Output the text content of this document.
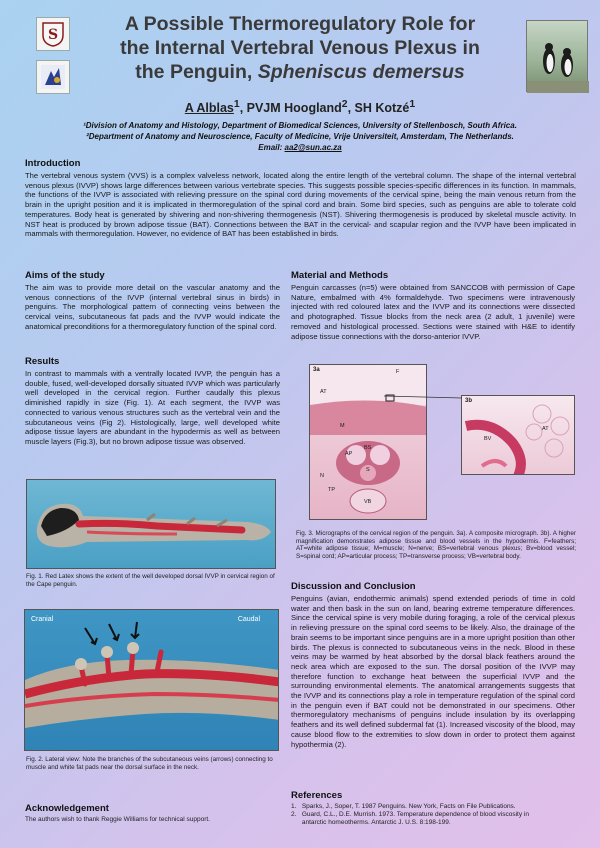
S	A Possible Thermoregulatory Role for
the Internal Vertebral Venous Plexus in
the Penguin, Spheniscus demersus
A Alblas$^1$, PVJM Hoogland$^2$, SH Kotzé$^1$
¹Division of Anatomy and Histology, Department of Biomedical Sciences, University of Stellenbosch, South Africa.
²Department of Anatomy and Neuroscience, Faculty of Medicine, Vrije Universiteit, Amsterdam, The Netherlands.
Email: aa2@sun.ac.za
Introduction

The vertebral venous system (VVS) is a complex valveless network, located along the entire length of the vertebral column. The shape of the internal vertebral venous plexus (IVVP) shows large differences between various vertebrate species. This suggests possible species-specific differences in its function. In mammals, the functions of the IVVP is associated with relieving pressure on the spinal cord during movements of the cervical spine, being the main venous return from the brain in the upright position and it is implicated in thermoregulation of the spinal cord and brain. Some bird species, such as penguins are able to tolerate cold temperatures. Body heat is generated by shivering and non-shivering thermogenesis (NST). Shivering thermogenesis is produced by skeletal muscle activity. In NST heat is produced by brown adipose tissue (BAT). Connections between the BAT in the cervical- and scapular region and the IVVP have been implicated in mammals with thermoregulation. However, no evidence of BAT has been established in birds.

Aims of the study

The aim was to provide more detail on the vascular anatomy and the venous connections of the IVVP (internal vertebral sinus in birds) in penguins. The morphological pattern of connecting veins between the cervical veins, subcutaneous fat pads and the IVVP would indicate the anatomical preconditions for a thermoregulatory function of the spinal cord.

Material and Methods

Penguin carcasses (n=5) were obtained from SANCCOB with permission of Cape Nature, embalmed with 4% formaldehyde. Two specimens were intravenously injected with red coloured latex and the IVVP and its connections were dissected and photographed. Tissue blocks from the neck area (2 adult, 1 juvenile) were removed and histological processed. Sections were stained with H&E to identify adipose tissue connections with the dorso-anterior IVVP.

Results

In contrast to mammals with a ventrally located IVVP, the penguin has a double, fused, well-developed dorsally situated IVVP which was particularly well developed in the cervical region. Further caudally this plexus diminished rapidly in size (Fig. 1). At each segment, the IVVP was connected to various venous structures such as the vertebral vein and the subcutaneous veins (Fig 2). Histologically, large, well developed white adipose tissue layers are abundant in the hypodermis as well as between muscle layers (Fig.3), but no brown adipose tissue was observed.

Fig. 1. Red Latex shows the extent of the well developed dorsal IVVP in cervical region of the Cape penguin.
Cranial	Caudal
Fig. 2. Lateral view: Note the branches of the subcutaneous veins (arrows) connecting to muscle and white fat pads near the dorsal surface in the neck.
3a
AT
F
M
AP
BS
N
S
TP
VB
3b
AT
BV
Fig. 3. Micrographs of the cervical region of the penguin. 3a). A composite micrograph. 3b). A higher magnification demonstrates adipose tissue and blood vessels in the hypodermis. F=feathers; AT=white adipose tissue; M=muscle; N=nerve; BS=vertebral venous plexus; Bv=blood vessel; S=spinal cord; AP=articular process; TP=transverse process; VB=vertebral body.
Discussion and Conclusion

Penguins (avian, endothermic animals) spend extended periods of time in cold water and then bask in the sun on land, bearing extreme temperature differences. Since the cervical spine is very mobile during foraging, a role of the cervical plexus in relieving pressure on the spinal cord seems to be likely. Also, the drainage of the brain seems to be important since penguins are in a more upright position than other birds. The plexus is connected to subcutaneous veins in the neck. Blood in these veins may be warmed by heat absorbed by the dorsal black feathers around the neck area which are exposed to the sun. The dorsal position of the IVVP may therefore function to exchange heat between the superficial IVVP and the surrounding environmental elements. The anatomical arrangements suggests that the IVVP and its connections play a role in temperature regulation of the spinal cord in the penguin even if BAT could not be demonstrated in our specimens. Other thermoregulatory mechanisms of penguins include insulation by its overlapping feathers and its well defined subdermal fat (1). Increased viscosity of the blood, may cause blood flow to the extremities to slow down in order to protect them against hypothermia (2).

Acknowledgement

The authors wish to thank Reggie Williams for technical support.

References
1.   Sparks, J., Soper, T. 1987 Penguins. New York, Facts on File Publications.
2.   Guard, C.L., D.E. Murrish. 1973. Temperature dependence of blood viscosity in
antarctic homeotherms. Antarctic J. U.S. 8:198-199.
